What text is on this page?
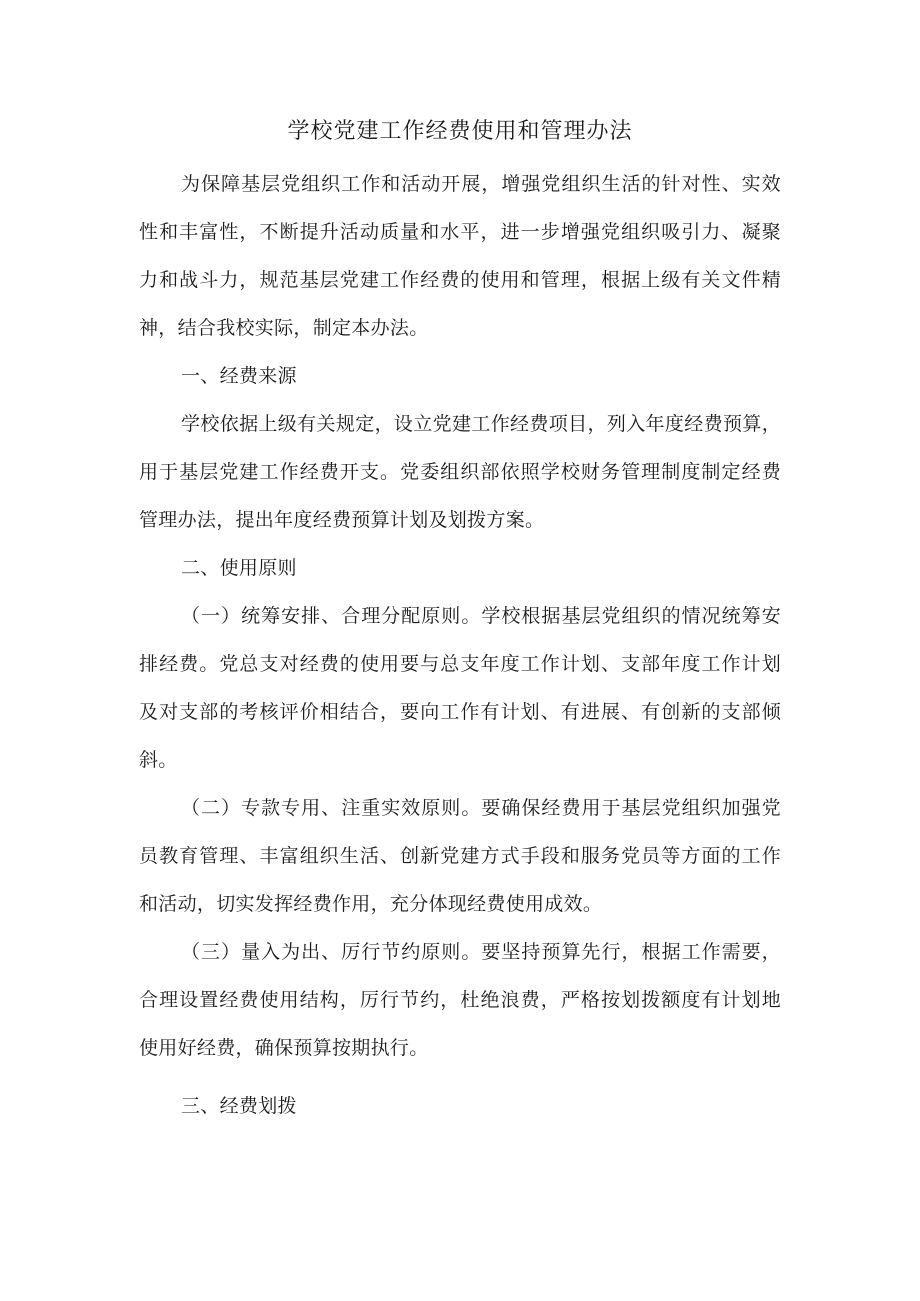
学校党建工作经费使用和管理办法
为保障基层党组织工作和活动开展，增强党组织生活的针对性、实效
性和丰富性，不断提升活动质量和水平，进一步增强党组织吸引力、凝聚
力和战斗力，规范基层党建工作经费的使用和管理，根据上级有关文件精
神，结合我校实际，制定本办法。
一、经费来源
学校依据上级有关规定，设立党建工作经费项目，列入年度经费预算，
用于基层党建工作经费开支。党委组织部依照学校财务管理制度制定经费
管理办法，提出年度经费预算计划及划拨方案。
二、使用原则
（一）统筹安排、合理分配原则。学校根据基层党组织的情况统筹安
排经费。党总支对经费的使用要与总支年度工作计划、支部年度工作计划
及对支部的考核评价相结合，要向工作有计划、有进展、有创新的支部倾
斜。
（二）专款专用、注重实效原则。要确保经费用于基层党组织加强党
员教育管理、丰富组织生活、创新党建方式手段和服务党员等方面的工作
和活动，切实发挥经费作用，充分体现经费使用成效。
（三）量入为出、厉行节约原则。要坚持预算先行，根据工作需要，
合理设置经费使用结构，厉行节约，杜绝浪费，严格按划拨额度有计划地
使用好经费，确保预算按期执行。
三、经费划拨
